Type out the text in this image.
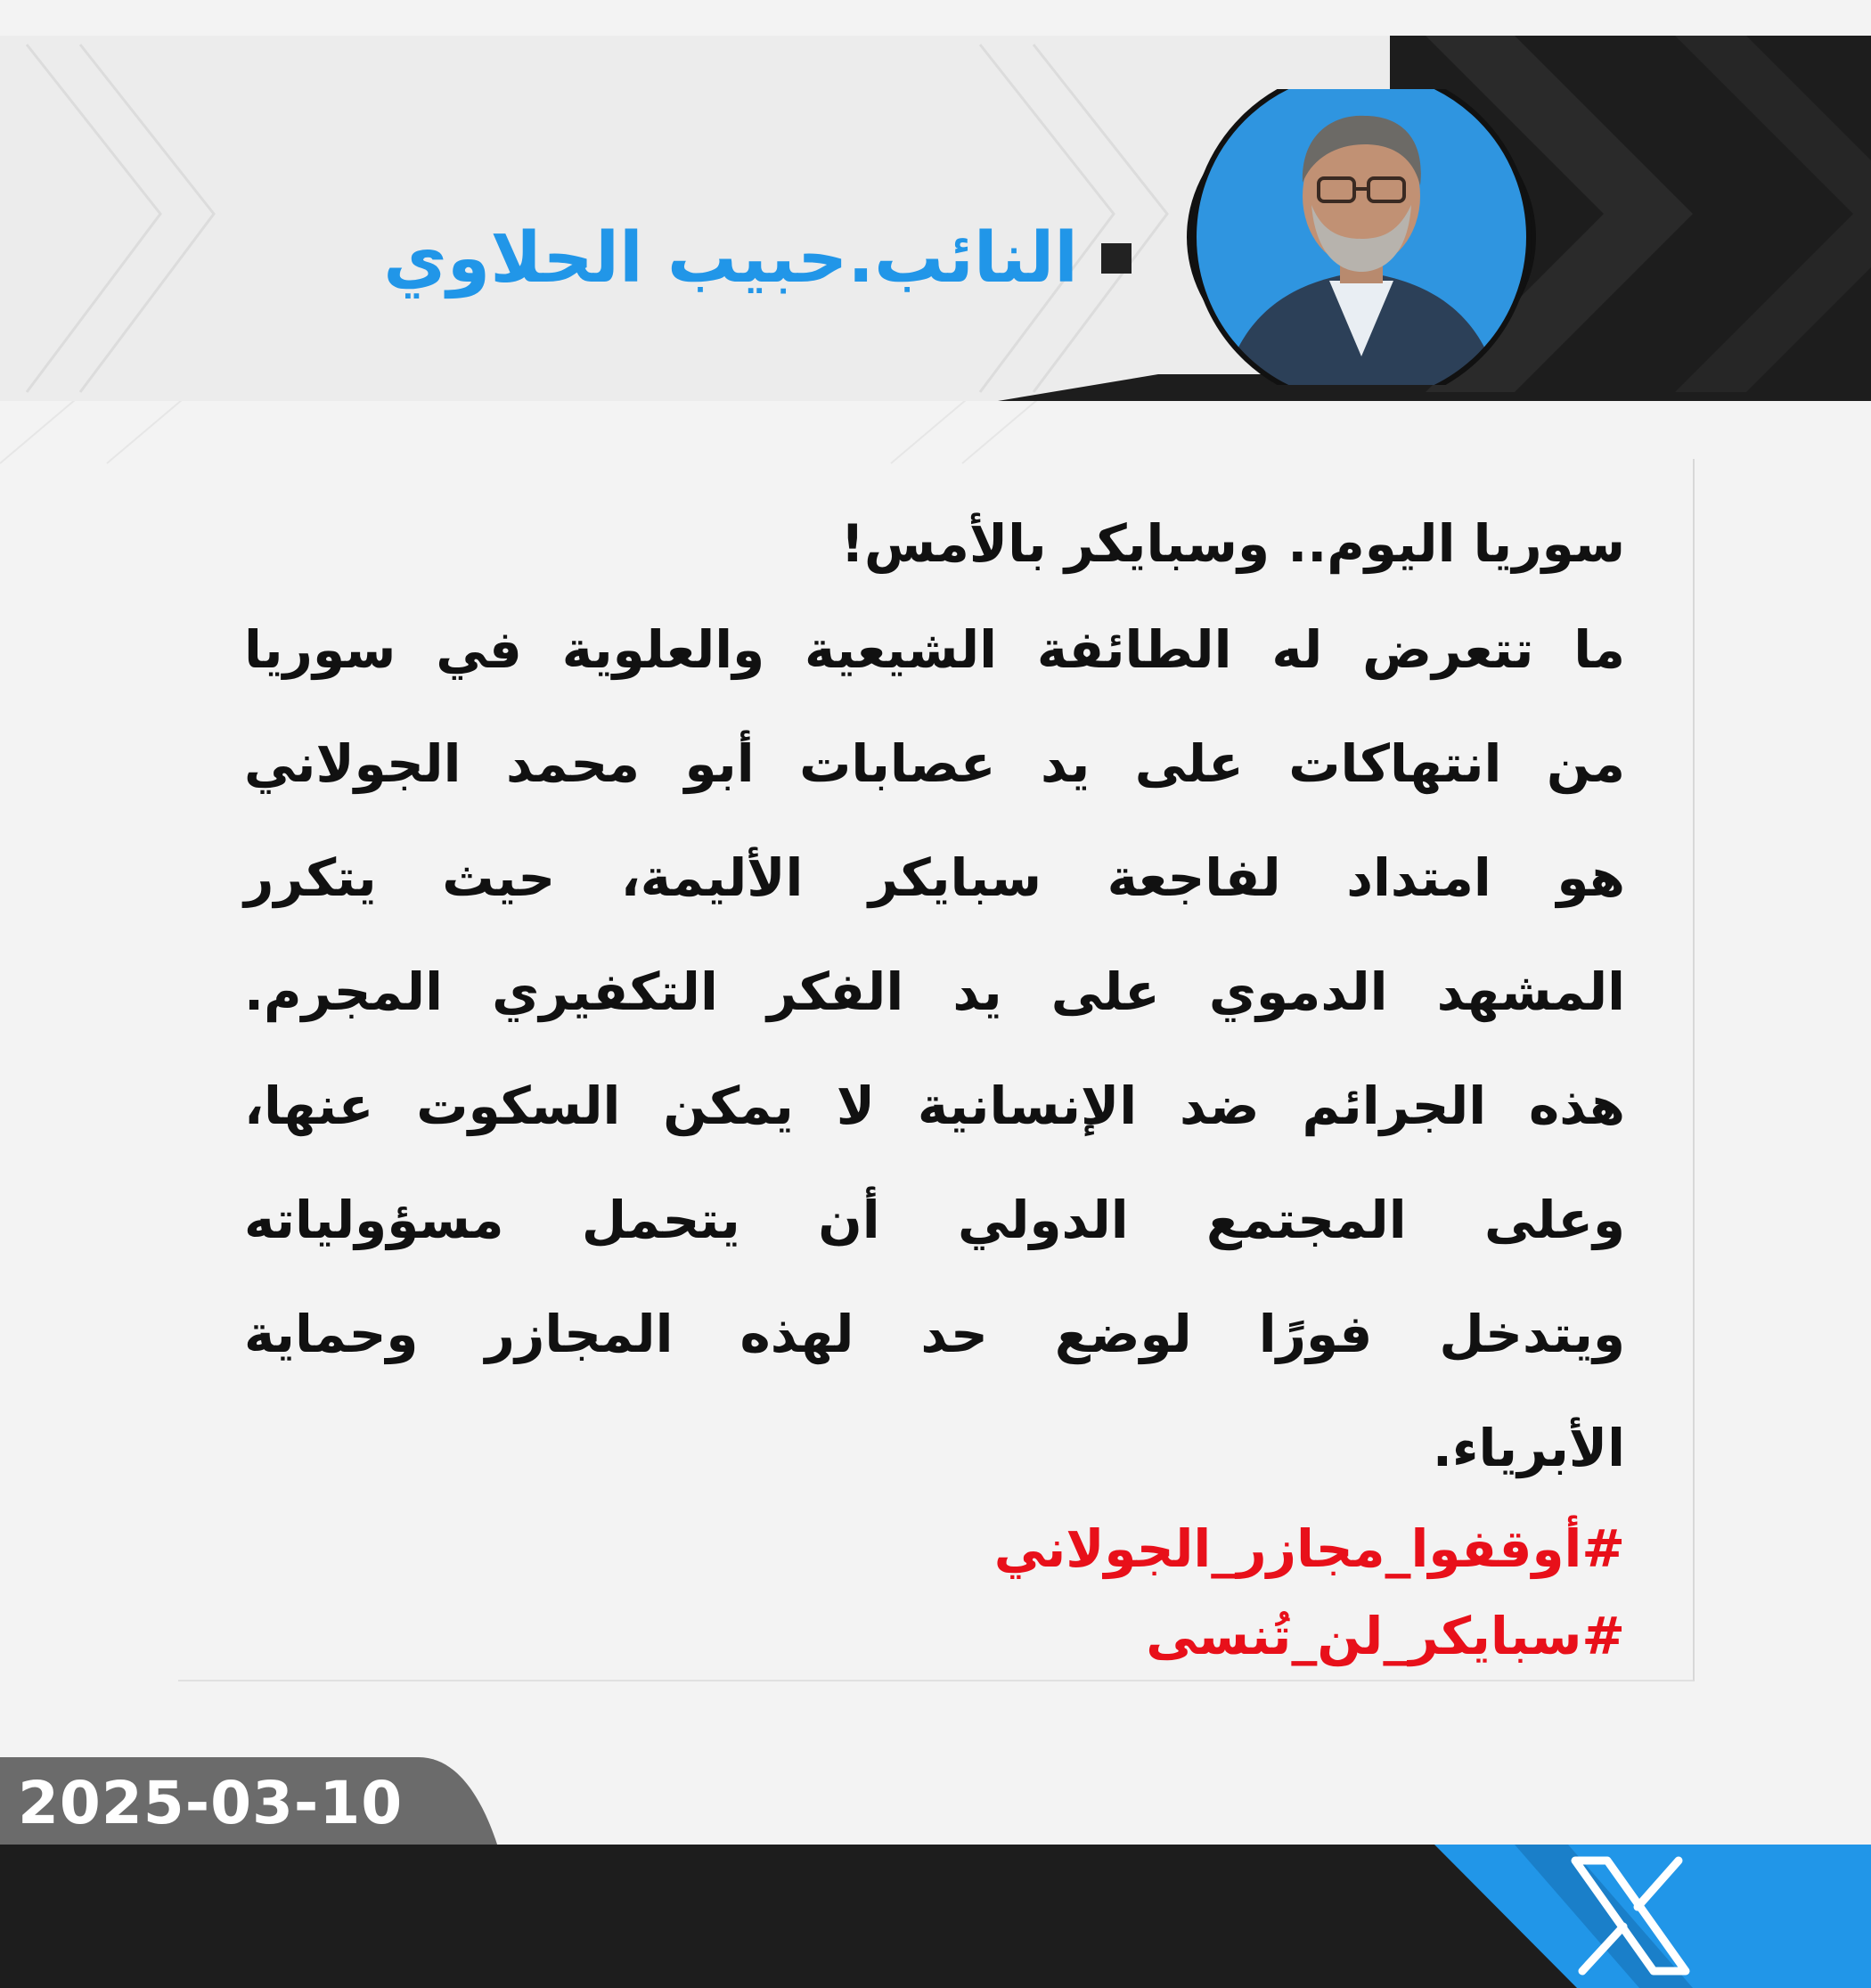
النائب.حبيب الحلاوي
سوريا اليوم.. وسبايكر بالأمس!
ما تتعرض له الطائفة الشيعية والعلوية في سوريا
من انتهاكات على يد عصابات أبو محمد الجولاني
هو امتداد لفاجعة سبايكر الأليمة، حيث يتكرر
المشهد الدموي على يد الفكر التكفيري المجرم.
هذه الجرائم ضد الإنسانية لا يمكن السكوت عنها،
وعلى المجتمع الدولي أن يتحمل مسؤولياته
ويتدخل فورًا لوضع حد لهذه المجازر وحماية
الأبرياء.
#أوقفوا_مجازر_الجولاني
#سبايكر_لن_تُنسى
2025-03-10
